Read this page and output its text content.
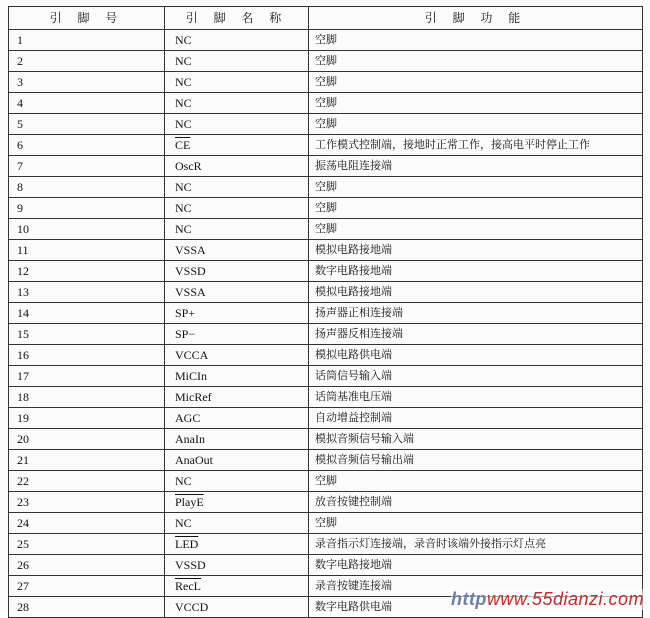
引 脚 号	引 脚 名 称	引 脚 功 能
1	NC	空脚
2	NC	空脚
3	NC	空脚
4	NC	空脚
5	NC	空脚
6	$\overline{CE}$	工作模式控制端，接地时正常工作，接高电平时停止工作
7	OscR	振荡电阻连接端
8	NC	空脚
9	NC	空脚
10	NC	空脚
11	VSSA	模拟电路接地端
12	VSSD	数字电路接地端
13	VSSA	模拟电路接地端
14	SP+	扬声器正相连接端
15	SP−	扬声器反相连接端
16	VCCA	模拟电路供电端
17	MiCIn	话筒信号输入端
18	MicRef	话筒基准电压端
19	AGC	自动增益控制端
20	AnaIn	模拟音频信号输入端
21	AnaOut	模拟音频信号输出端
22	NC	空脚
23	PlayE	放音按键控制端
24	NC	空脚
25	$\overline{LED}$	录音指示灯连接端，录音时该端外接指示灯点亮
26	VSSD	数字电路接地端
27	RecL	录音按键连接端
28	VCCD	数字电路供电端	httpwww.55dianzi.com
